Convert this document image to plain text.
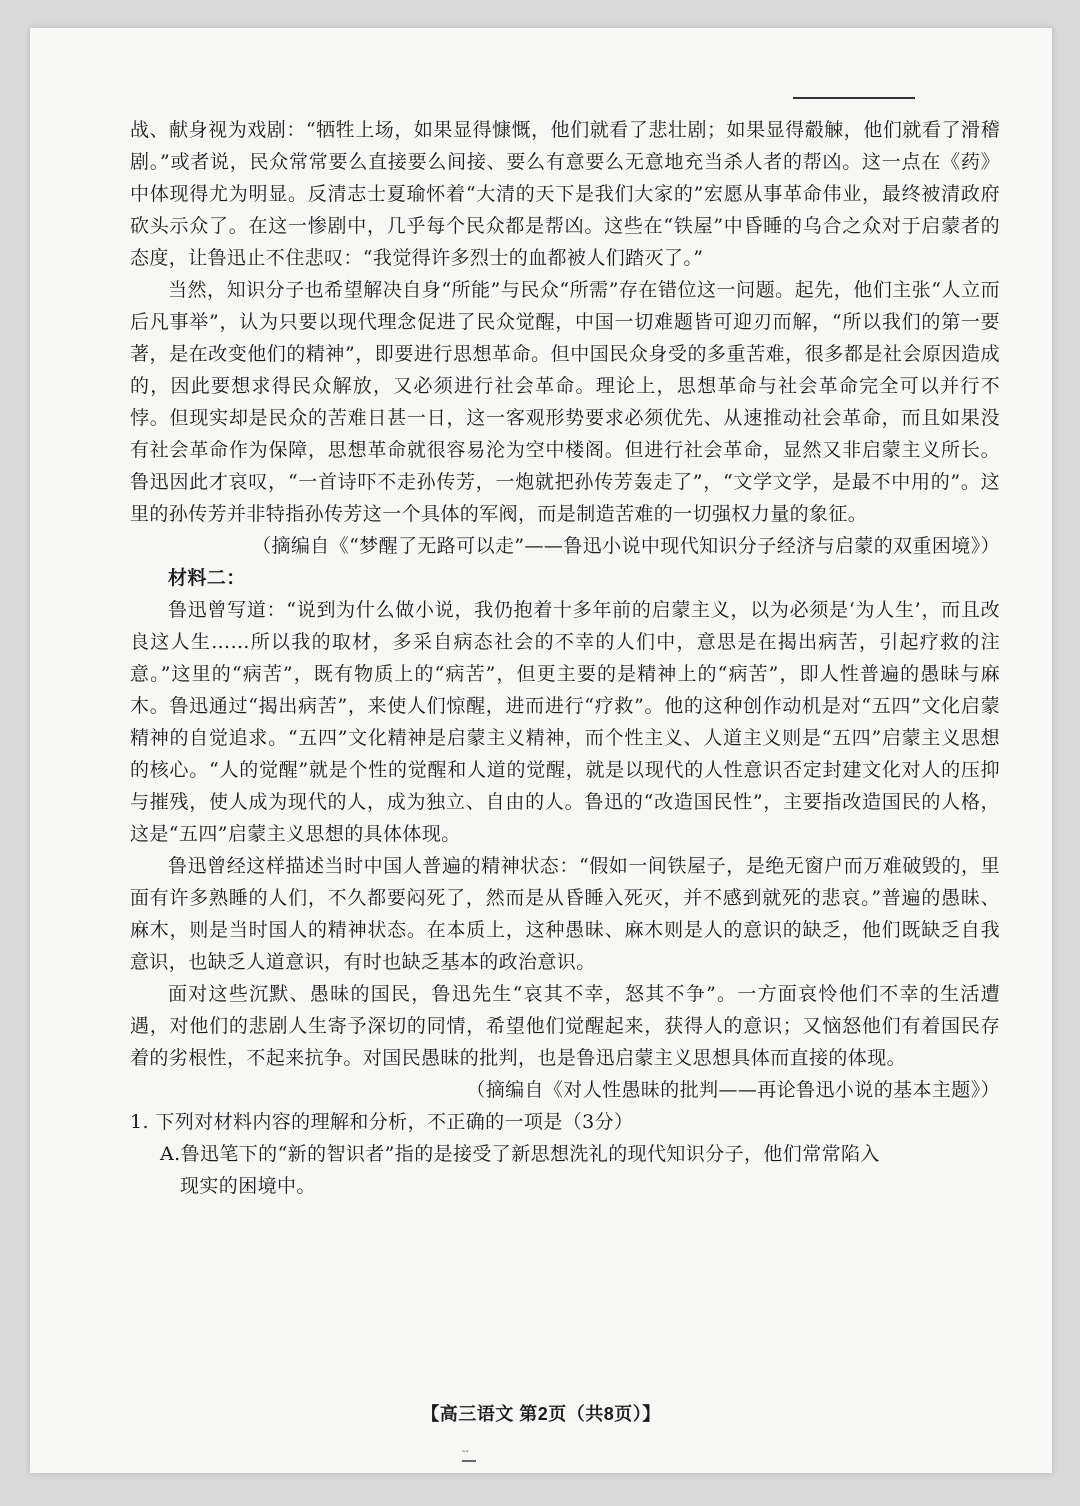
战、献身视为戏剧：“牺牲上场，如果显得慷慨，他们就看了悲壮剧；如果显得觳觫，他们就看了滑稽剧。”或者说，民众常常要么直接要么间接、要么有意要么无意地充当杀人者的帮凶。这一点在《药》中体现得尤为明显。反清志士夏瑜怀着“大清的天下是我们大家的”宏愿从事革命伟业，最终被清政府砍头示众了。在这一惨剧中，几乎每个民众都是帮凶。这些在“铁屋”中昏睡的乌合之众对于启蒙者的态度，让鲁迅止不住悲叹：“我觉得许多烈士的血都被人们踏灭了。”

当然，知识分子也希望解决自身“所能”与民众“所需”存在错位这一问题。起先，他们主张“人立而后凡事举”，认为只要以现代理念促进了民众觉醒，中国一切难题皆可迎刃而解，“所以我们的第一要著，是在改变他们的精神”，即要进行思想革命。但中国民众身受的多重苦难，很多都是社会原因造成的，因此要想求得民众解放，又必须进行社会革命。理论上，思想革命与社会革命完全可以并行不悖。但现实却是民众的苦难日甚一日，这一客观形势要求必须优先、从速推动社会革命，而且如果没有社会革命作为保障，思想革命就很容易沦为空中楼阁。但进行社会革命，显然又非启蒙主义所长。鲁迅因此才哀叹，“一首诗吓不走孙传芳，一炮就把孙传芳轰走了”，“文学文学，是最不中用的”。这里的孙传芳并非特指孙传芳这一个具体的军阀，而是制造苦难的一切强权力量的象征。

（摘编自《“梦醒了无路可以走”——鲁迅小说中现代知识分子经济与启蒙的双重困境》）

材料二：

鲁迅曾写道：“说到为什么做小说，我仍抱着十多年前的启蒙主义，以为必须是‘为人生’，而且改良这人生……所以我的取材，多采自病态社会的不幸的人们中，意思是在揭出病苦，引起疗救的注意。”这里的“病苦”，既有物质上的“病苦”，但更主要的是精神上的“病苦”，即人性普遍的愚昧与麻木。鲁迅通过“揭出病苦”，来使人们惊醒，进而进行“疗救”。他的这种创作动机是对“五四”文化启蒙精神的自觉追求。“五四”文化精神是启蒙主义精神，而个性主义、人道主义则是“五四”启蒙主义思想的核心。“人的觉醒”就是个性的觉醒和人道的觉醒，就是以现代的人性意识否定封建文化对人的压抑与摧残，使人成为现代的人，成为独立、自由的人。鲁迅的“改造国民性”，主要指改造国民的人格，这是“五四”启蒙主义思想的具体体现。

鲁迅曾经这样描述当时中国人普遍的精神状态：“假如一间铁屋子，是绝无窗户而万难破毁的，里面有许多熟睡的人们，不久都要闷死了，然而是从昏睡入死灭，并不感到就死的悲哀。”普遍的愚昧、麻木，则是当时国人的精神状态。在本质上，这种愚昧、麻木则是人的意识的缺乏，他们既缺乏自我意识，也缺乏人道意识，有时也缺乏基本的政治意识。

面对这些沉默、愚昧的国民，鲁迅先生“哀其不幸，怒其不争”。一方面哀怜他们不幸的生活遭遇，对他们的悲剧人生寄予深切的同情，希望他们觉醒起来，获得人的意识；又恼怒他们有着国民存着的劣根性，不起来抗争。对国民愚昧的批判，也是鲁迅启蒙主义思想具体而直接的体现。

（摘编自《对人性愚昧的批判——再论鲁迅小说的基本主题》）

1. 下列对材料内容的理解和分析，不正确的一项是（3分）

A.鲁迅笔下的“新的智识者”指的是接受了新思想洗礼的现代知识分子，他们常常陷入
现实的困境中。

【高三语文 第2页（共8页）】
--
